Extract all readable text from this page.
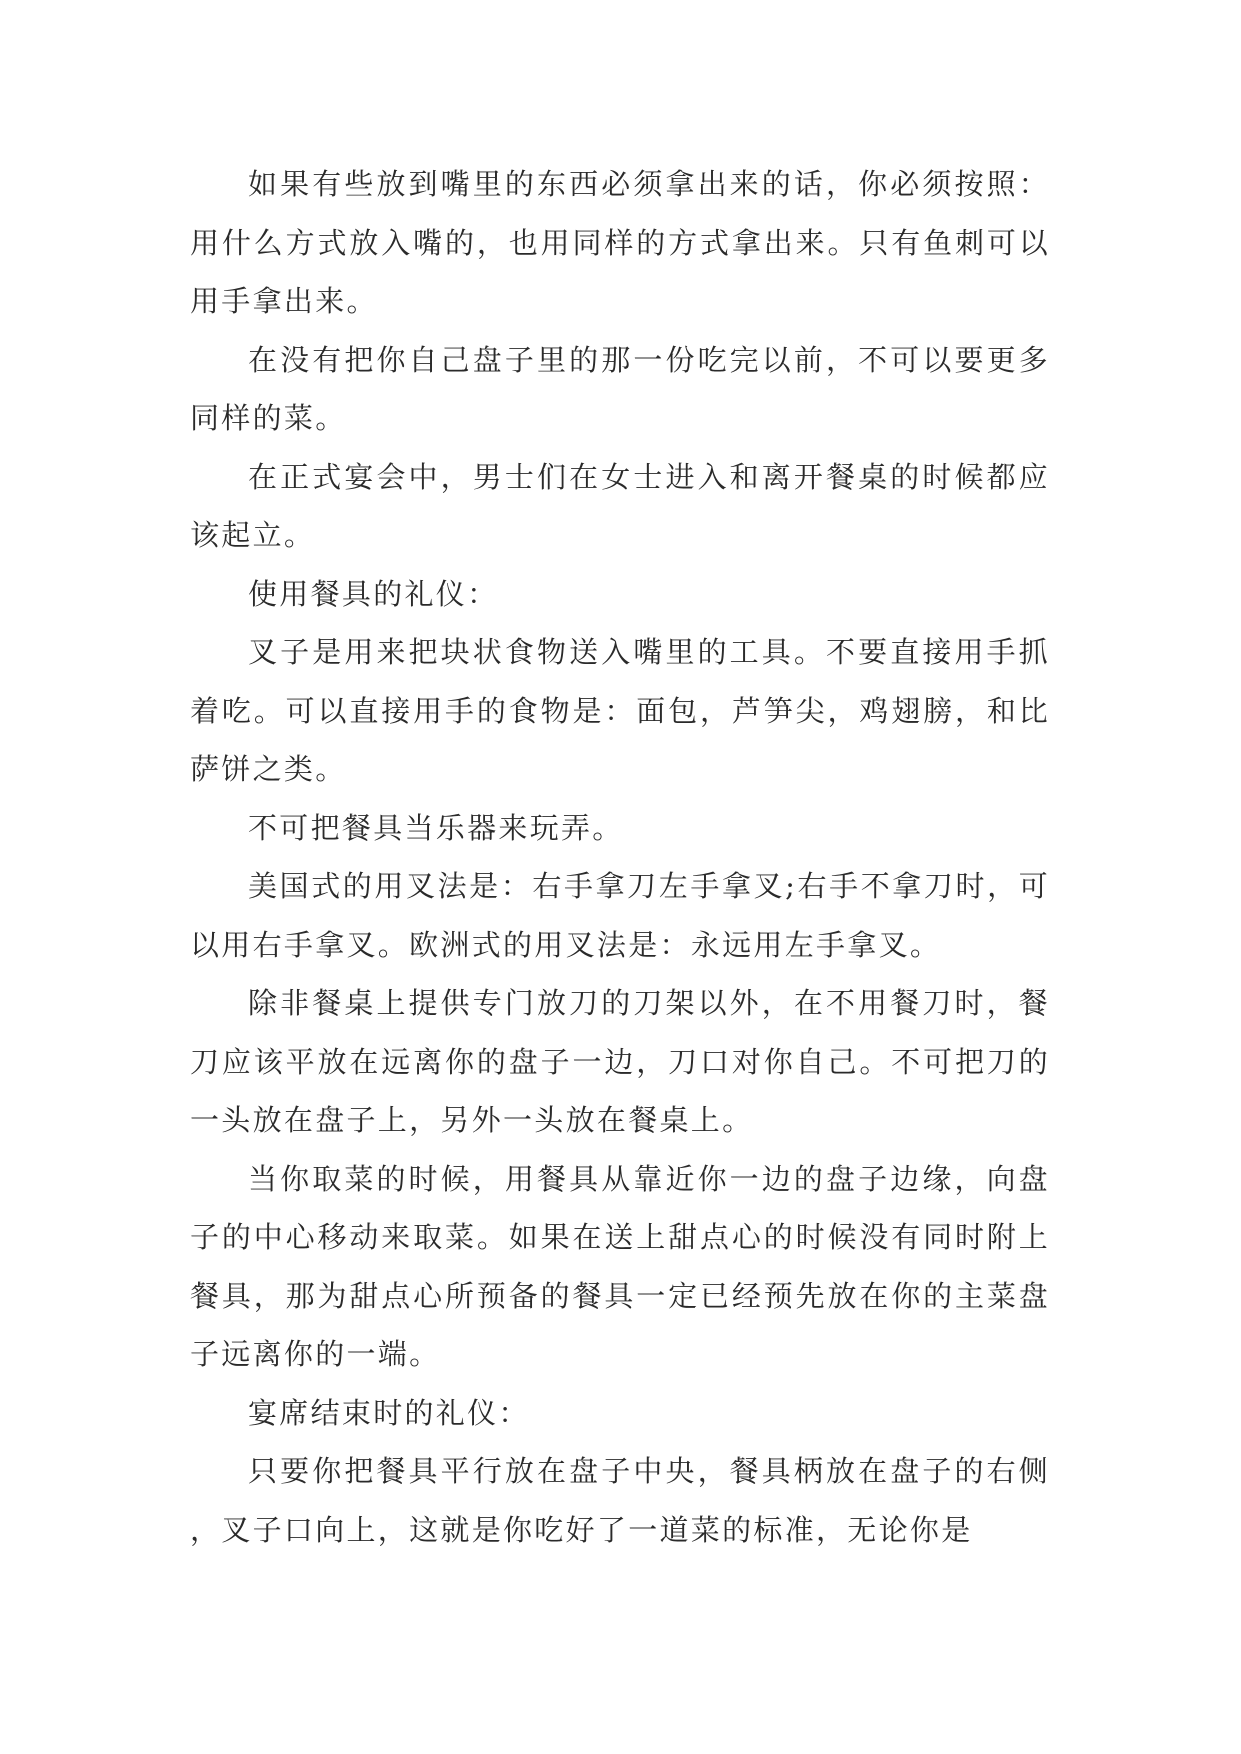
如果有些放到嘴里的东西必须拿出来的话，你必须按照：用什么方式放入嘴的，也用同样的方式拿出来。只有鱼刺可以用手拿出来。

在没有把你自己盘子里的那一份吃完以前，不可以要更多同样的菜。

在正式宴会中，男士们在女士进入和离开餐桌的时候都应该起立。

使用餐具的礼仪：

叉子是用来把块状食物送入嘴里的工具。不要直接用手抓着吃。可以直接用手的食物是：面包，芦笋尖，鸡翅膀，和比萨饼之类。

不可把餐具当乐器来玩弄。

美国式的用叉法是：右手拿刀左手拿叉;右手不拿刀时，可以用右手拿叉。欧洲式的用叉法是：永远用左手拿叉。

除非餐桌上提供专门放刀的刀架以外，在不用餐刀时，餐刀应该平放在远离你的盘子一边，刀口对你自己。不可把刀的一头放在盘子上，另外一头放在餐桌上。

当你取菜的时候，用餐具从靠近你一边的盘子边缘，向盘子的中心移动来取菜。如果在送上甜点心的时候没有同时附上餐具，那为甜点心所预备的餐具一定已经预先放在你的主菜盘子远离你的一端。

宴席结束时的礼仪：

只要你把餐具平行放在盘子中央，餐具柄放在盘子的右侧，叉子口向上，这就是你吃好了一道菜的标准，无论你是
